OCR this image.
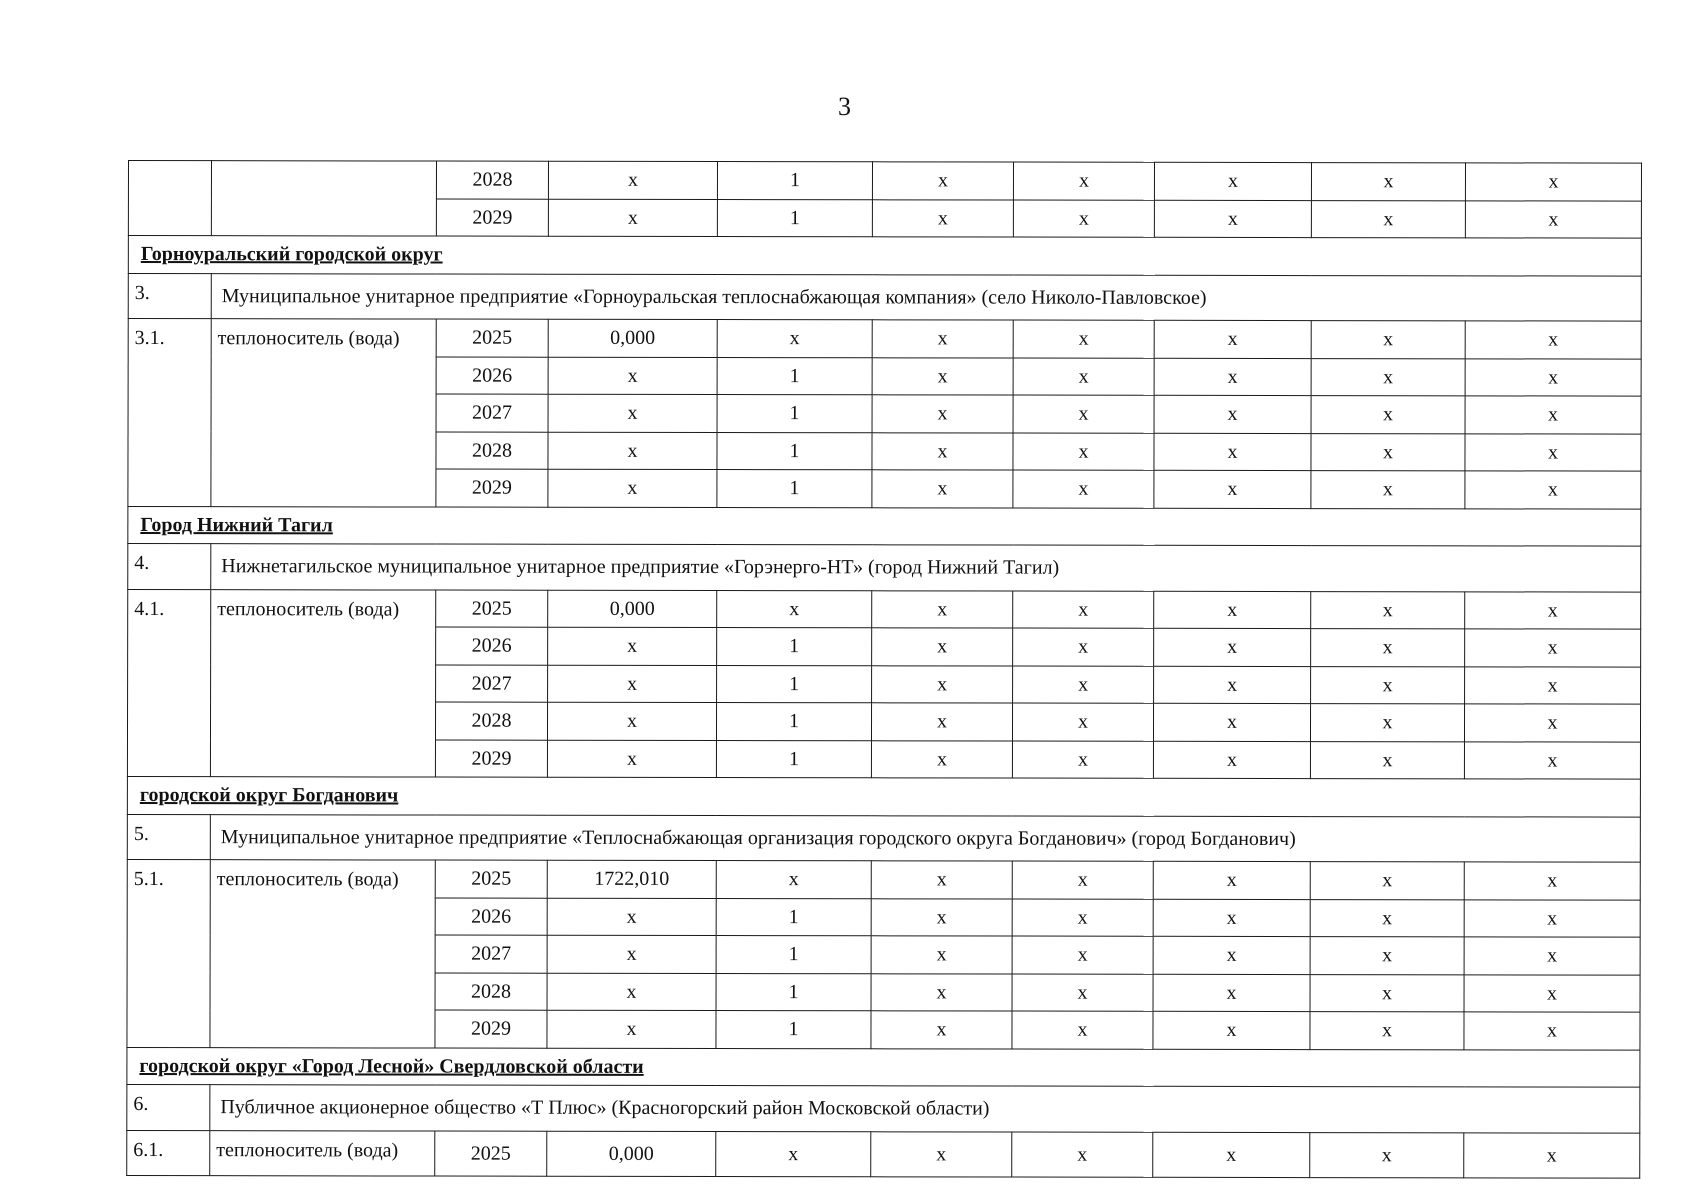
3
		2028	х	1	х	х	х	х	х
		2029	х	1	х	х	х	х	х
Горноуральский городской округ									
3.	Муниципальное унитарное предприятие «Горноуральская теплоснабжающая компания» (село Николо-Павловское)								
3.1.	теплоноситель (вода)	2025	0,000	х	х	х	х	х	х
		2026	х	1	х	х	х	х	х
		2027	х	1	х	х	х	х	х
		2028	х	1	х	х	х	х	х
		2029	х	1	х	х	х	х	х
Город Нижний Тагил									
4.	Нижнетагильское муниципальное унитарное предприятие «Горэнерго-НТ» (город Нижний Тагил)								
4.1.	теплоноситель (вода)	2025	0,000	х	х	х	х	х	х
		2026	х	1	х	х	х	х	х
		2027	х	1	х	х	х	х	х
		2028	х	1	х	х	х	х	х
		2029	х	1	х	х	х	х	х
городской округ Богданович									
5.	Муниципальное унитарное предприятие «Теплоснабжающая организация городского округа Богданович» (город Богданович)								
5.1.	теплоноситель (вода)	2025	1722,010	х	х	х	х	х	х
		2026	х	1	х	х	х	х	х
		2027	х	1	х	х	х	х	х
		2028	х	1	х	х	х	х	х
		2029	х	1	х	х	х	х	х
городской округ «Город Лесной» Свердловской области									
6.	Публичное акционерное общество «Т Плюс» (Красногорский район Московской области)								
6.1.	теплоноситель (вода)	2025	0,000	х	х	х	х	х	х
